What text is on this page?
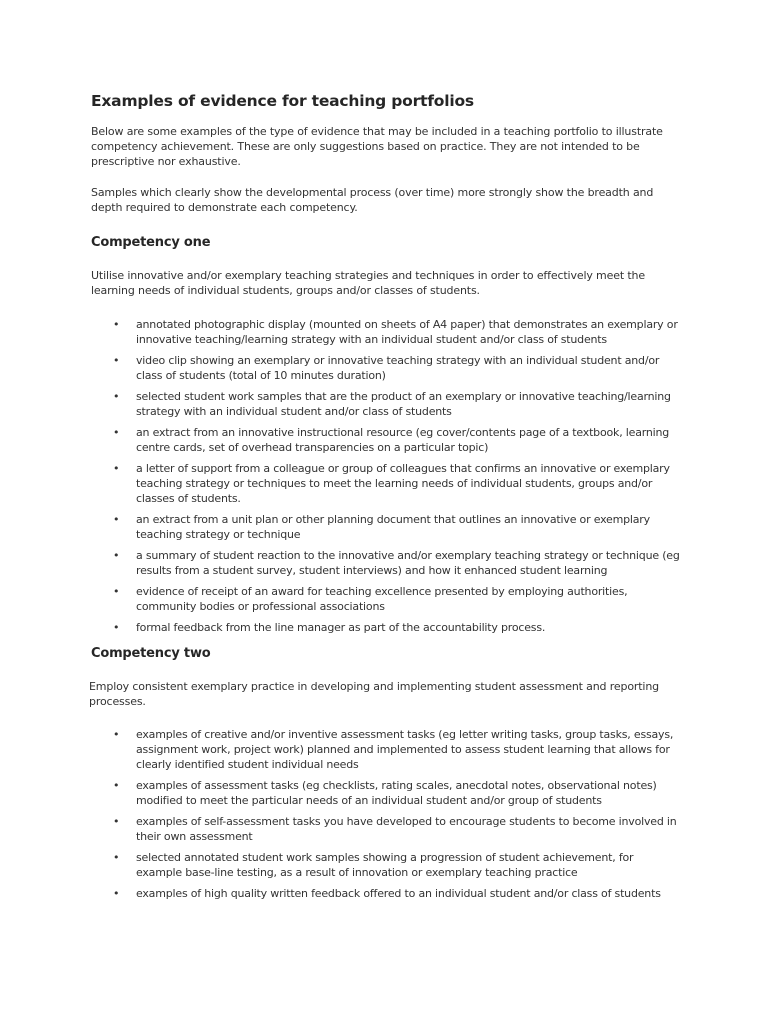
Examples of evidence for teaching portfolios

Below are some examples of the type of evidence that may be included in a teaching portfolio to illustrate competency achievement. These are only suggestions based on practice. They are not intended to be prescriptive nor exhaustive.

Samples which clearly show the developmental process (over time) more strongly show the breadth and depth required to demonstrate each competency.

Competency one

Utilise innovative and/or exemplary teaching strategies and techniques in order to effectively meet the learning needs of individual students, groups and/or classes of students.

• annotated photographic display (mounted on sheets of A4 paper) that demonstrates an exemplary or innovative teaching/learning strategy with an individual student and/or class of students
• video clip showing an exemplary or innovative teaching strategy with an individual student and/or class of students (total of 10 minutes duration)
• selected student work samples that are the product of an exemplary or innovative teaching/learning strategy with an individual student and/or class of students
• an extract from an innovative instructional resource (eg cover/contents page of a textbook, learning centre cards, set of overhead transparencies on a particular topic)
• a letter of support from a colleague or group of colleagues that confirms an innovative or exemplary teaching strategy or techniques to meet the learning needs of individual students, groups and/or classes of students.
• an extract from a unit plan or other planning document that outlines an innovative or exemplary teaching strategy or technique
• a summary of student reaction to the innovative and/or exemplary teaching strategy or technique (eg results from a student survey, student interviews) and how it enhanced student learning
• evidence of receipt of an award for teaching excellence presented by employing authorities, community bodies or professional associations
• formal feedback from the line manager as part of the accountability process.
Competency two

Employ consistent exemplary practice in developing and implementing student assessment and reporting processes.

• examples of creative and/or inventive assessment tasks (eg letter writing tasks, group tasks, essays, assignment work, project work) planned and implemented to assess student learning that allows for clearly identified student individual needs
• examples of assessment tasks (eg checklists, rating scales, anecdotal notes, observational notes) modified to meet the particular needs of an individual student and/or group of students
• examples of self-assessment tasks you have developed to encourage students to become involved in their own assessment
• selected annotated student work samples showing a progression of student achievement, for example base-line testing, as a result of innovation or exemplary teaching practice
• examples of high quality written feedback offered to an individual student and/or class of students
